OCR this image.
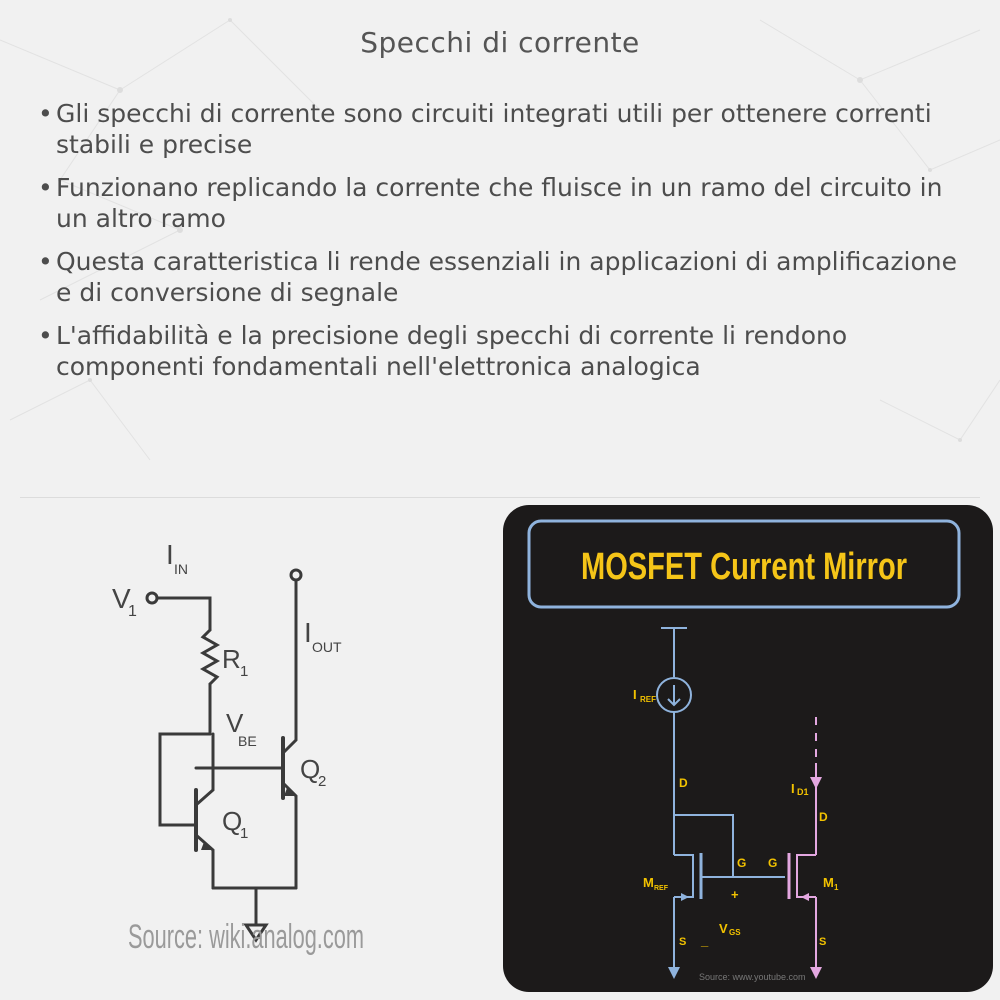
Specchi di corrente
• Gli specchi di corrente sono circuiti integrati utili per ottenere correnti stabili e precise
• Funzionano replicando la corrente che fluisce in un ramo del circuito in un altro ramo
• Questa caratteristica li rende essenziali in applicazioni di amplificazione e di conversione di segnale
• L'affidabilità e la precisione degli specchi di corrente li rendono componenti fondamentali nell'elettronica analogica
V
1
I IN
R 1
I OUT
V
BE
Q
1
Q
2
Source: wiki.analog.com
MOSFET Current Mirror
I REF
I D1
D
D
G G
M REF	M 1
+
_
V GS
S	S
Source: www.youtube.com
